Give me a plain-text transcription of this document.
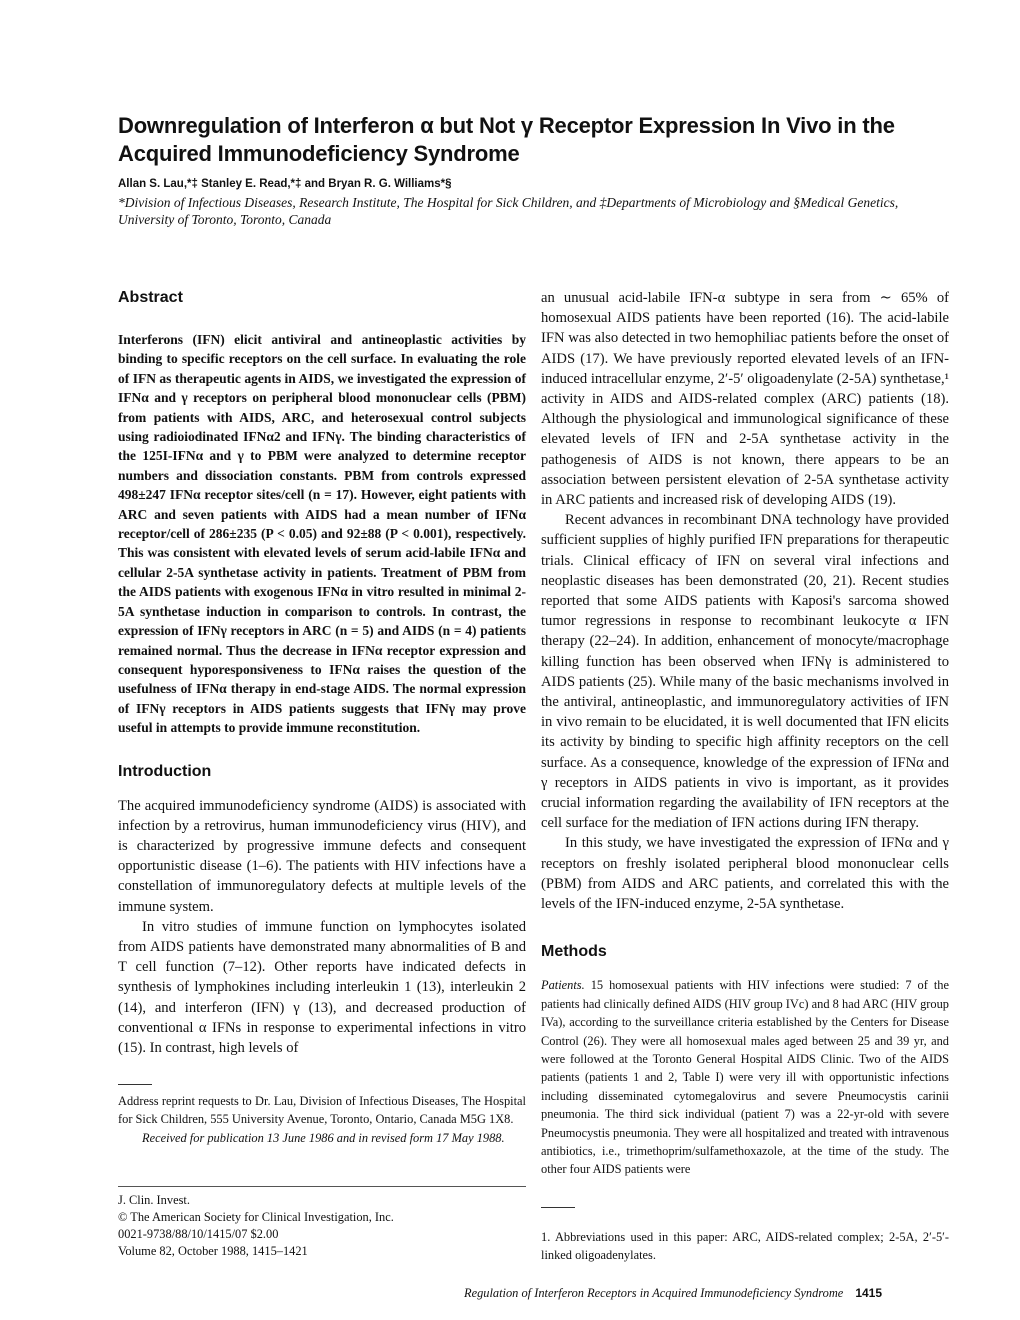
Downregulation of Interferon α but Not γ Receptor Expression In Vivo in the Acquired Immunodeficiency Syndrome
Allan S. Lau,*‡ Stanley E. Read,*‡ and Bryan R. G. Williams*§
*Division of Infectious Diseases, Research Institute, The Hospital for Sick Children, and ‡Departments of Microbiology and §Medical Genetics, University of Toronto, Toronto, Canada
Abstract

Interferons (IFN) elicit antiviral and antineoplastic activities by binding to specific receptors on the cell surface. In evaluating the role of IFN as therapeutic agents in AIDS, we investigated the expression of IFNα and γ receptors on peripheral blood mononuclear cells (PBM) from patients with AIDS, ARC, and heterosexual control subjects using radioiodinated IFNα2 and IFNγ. The binding characteristics of the 125I-IFNα and γ to PBM were analyzed to determine receptor numbers and dissociation constants. PBM from controls expressed 498±247 IFNα receptor sites/cell (n = 17). However, eight patients with ARC and seven patients with AIDS had a mean number of IFNα receptor/cell of 286±235 (P < 0.05) and 92±88 (P < 0.001), respectively. This was consistent with elevated levels of serum acid-labile IFNα and cellular 2-5A synthetase activity in patients. Treatment of PBM from the AIDS patients with exogenous IFNα in vitro resulted in minimal 2-5A synthetase induction in comparison to controls. In contrast, the expression of IFNγ receptors in ARC (n = 5) and AIDS (n = 4) patients remained normal. Thus the decrease in IFNα receptor expression and consequent hyporesponsiveness to IFNα raises the question of the usefulness of IFNα therapy in end-stage AIDS. The normal expression of IFNγ receptors in AIDS patients suggests that IFNγ may prove useful in attempts to provide immune reconstitution.

Introduction

The acquired immunodeficiency syndrome (AIDS) is associated with infection by a retrovirus, human immunodeficiency virus (HIV), and is characterized by progressive immune defects and consequent opportunistic disease (1–6). The patients with HIV infections have a constellation of immunoregulatory defects at multiple levels of the immune system.

In vitro studies of immune function on lymphocytes isolated from AIDS patients have demonstrated many abnormalities of B and T cell function (7–12). Other reports have indicated defects in synthesis of lymphokines including interleukin 1 (13), interleukin 2 (14), and interferon (IFN) γ (13), and decreased production of conventional α IFNs in response to experimental infections in vitro (15). In contrast, high levels of

Address reprint requests to Dr. Lau, Division of Infectious Diseases, The Hospital for Sick Children, 555 University Avenue, Toronto, Ontario, Canada M5G 1X8.

Received for publication 13 June 1986 and in revised form 17 May 1988.

J. Clin. Invest.
© The American Society for Clinical Investigation, Inc.
0021-9738/88/10/1415/07 $2.00
Volume 82, October 1988, 1415–1421

an unusual acid-labile IFN-α subtype in sera from ∼ 65% of homosexual AIDS patients have been reported (16). The acid-labile IFN was also detected in two hemophiliac patients before the onset of AIDS (17). We have previously reported elevated levels of an IFN-induced intracellular enzyme, 2′-5′ oligoadenylate (2-5A) synthetase,¹ activity in AIDS and AIDS-related complex (ARC) patients (18). Although the physiological and immunological significance of these elevated levels of IFN and 2-5A synthetase activity in the pathogenesis of AIDS is not known, there appears to be an association between persistent elevation of 2-5A synthetase activity in ARC patients and increased risk of developing AIDS (19).

Recent advances in recombinant DNA technology have provided sufficient supplies of highly purified IFN preparations for therapeutic trials. Clinical efficacy of IFN on several viral infections and neoplastic diseases has been demonstrated (20, 21). Recent studies reported that some AIDS patients with Kaposi's sarcoma showed tumor regressions in response to recombinant leukocyte α IFN therapy (22–24). In addition, enhancement of monocyte/macrophage killing function has been observed when IFNγ is administered to AIDS patients (25). While many of the basic mechanisms involved in the antiviral, antineoplastic, and immunoregulatory activities of IFN in vivo remain to be elucidated, it is well documented that IFN elicits its activity by binding to specific high affinity receptors on the cell surface. As a consequence, knowledge of the expression of IFNα and γ receptors in AIDS patients in vivo is important, as it provides crucial information regarding the availability of IFN receptors at the cell surface for the mediation of IFN actions during IFN therapy.

In this study, we have investigated the expression of IFNα and γ receptors on freshly isolated peripheral blood mononuclear cells (PBM) from AIDS and ARC patients, and correlated this with the levels of the IFN-induced enzyme, 2-5A synthetase.

Methods

Patients. 15 homosexual patients with HIV infections were studied: 7 of the patients had clinically defined AIDS (HIV group IVc) and 8 had ARC (HIV group IVa), according to the surveillance criteria established by the Centers for Disease Control (26). They were all homosexual males aged between 25 and 39 yr, and were followed at the Toronto General Hospital AIDS Clinic. Two of the AIDS patients (patients 1 and 2, Table I) were very ill with opportunistic infections including disseminated cytomegalovirus and severe Pneumocystis carinii pneumonia. The third sick individual (patient 7) was a 22-yr-old with severe Pneumocystis pneumonia. They were all hospitalized and treated with intravenous antibiotics, i.e., trimethoprim/sulfamethoxazole, at the time of the study. The other four AIDS patients were

1. Abbreviations used in this paper: ARC, AIDS-related complex; 2-5A, 2′-5′-linked oligoadenylates.

Regulation of Interferon Receptors in Acquired Immunodeficiency Syndrome 1415
